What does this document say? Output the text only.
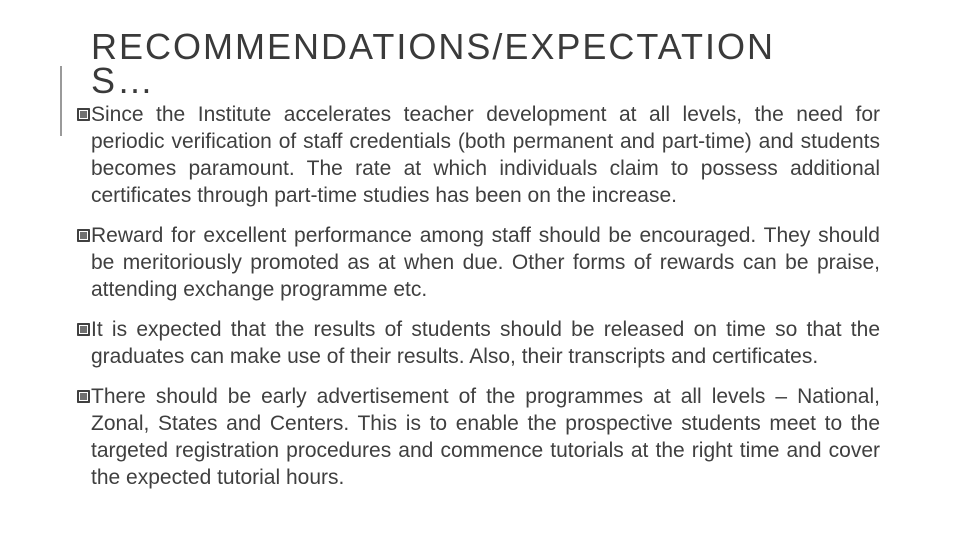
RECOMMENDATIONS/EXPECTATION S…

Since the Institute accelerates teacher development at all levels, the need for periodic verification of staff credentials (both permanent and part-time) and students becomes paramount. The rate at which individuals claim to possess additional certificates through part-time studies has been on the increase.

Reward for excellent performance among staff should be encouraged. They should be meritoriously promoted as at when due. Other forms of rewards can be praise, attending exchange programme etc.

It is expected that the results of students should be released on time so that the graduates can make use of their results. Also, their transcripts and certificates.

There should be early advertisement of the programmes at all levels – National, Zonal, States and Centers. This is to enable the prospective students meet to the targeted registration procedures and commence tutorials at the right time and cover the expected tutorial hours.
